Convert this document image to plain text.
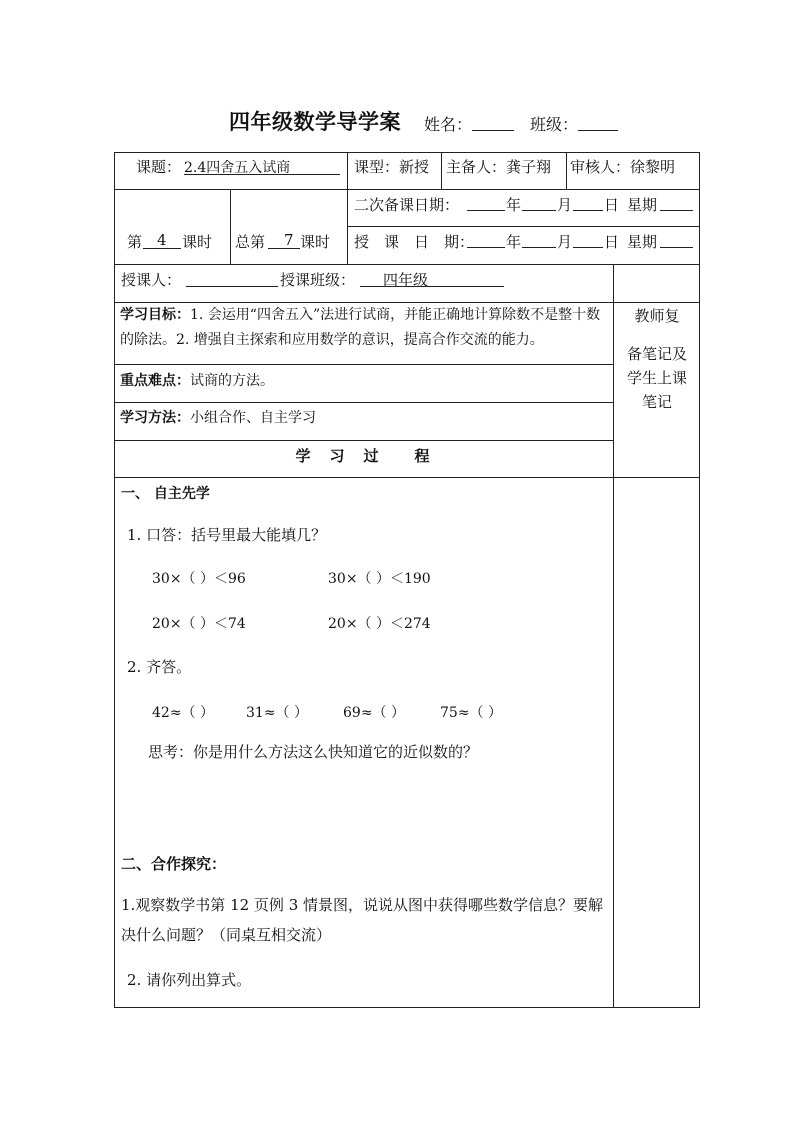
四年级数学导学案 姓名：	班级：
课题： 2.4四舍五入试商	课型：新授 主备人：龚子翔 审核人：徐黎明
第 4 课时 总第 7 课时
二次备课日期：	年 月 日 星期
授　课　日　期： 年 月 日 星期
授课人：	授课班级： 四年级
学习目标：1. 会运用“四舍五入”法进行试商，并能正确地计算除数不是整十数的除法。2. 增强自主探索和应用数学的意识，提高合作交流的能力。
重点难点：试商的方法。
学习方法：小组合作、自主学习
教师复
备笔记及
学生上课
笔记
学　习　过　　程
一、 自主先学
1. 口答：括号里最大能填几？
30×（ ）＜96	30×（ ）＜190
20×（ ）＜74	20×（ ）＜274
2. 齐答。
42≈（ ） 31≈（ ）	69≈（ ）	75≈（ ）
思考：你是用什么方法这么快知道它的近似数的？
二、合作探究：
1.观察数学书第 12 页例 3 情景图，说说从图中获得哪些数学信息？要解决什么问题？（同桌互相交流）
2. 请你列出算式。
